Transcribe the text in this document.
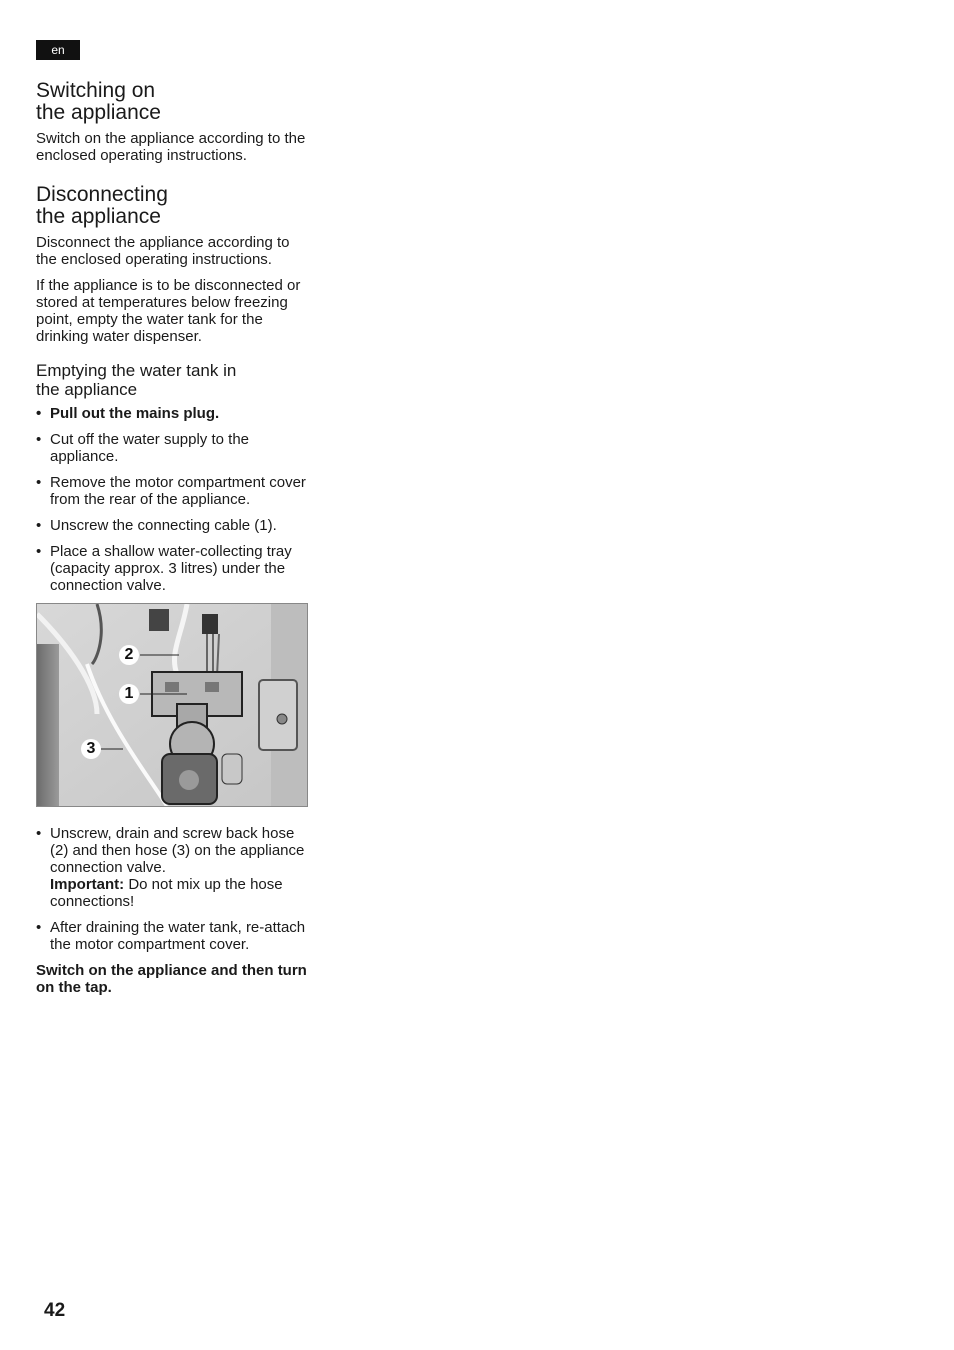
en
Switching on
the appliance

Switch on the appliance according to the enclosed operating instructions.

Disconnecting
the appliance

Disconnect the appliance according to the enclosed operating instructions.

If the appliance is to be disconnected or stored at temperatures below freezing point, empty the water tank for the drinking water dispenser.

Emptying the water tank in
the appliance
• Pull out the mains plug.
• Cut off the water supply to the appliance.
• Remove the motor compartment cover from the rear of the appliance.
• Unscrew the connecting cable (1).
• Place a shallow water-collecting tray (capacity approx. 3 litres) under the connection valve.
2
1
3
• Unscrew, drain and screw back hose (2) and then hose (3) on the appliance connection valve.
Important: Do not mix up the hose connections!
• After draining the water tank, re-attach the motor compartment cover.
Switch on the appliance and then turn on the tap.
42
